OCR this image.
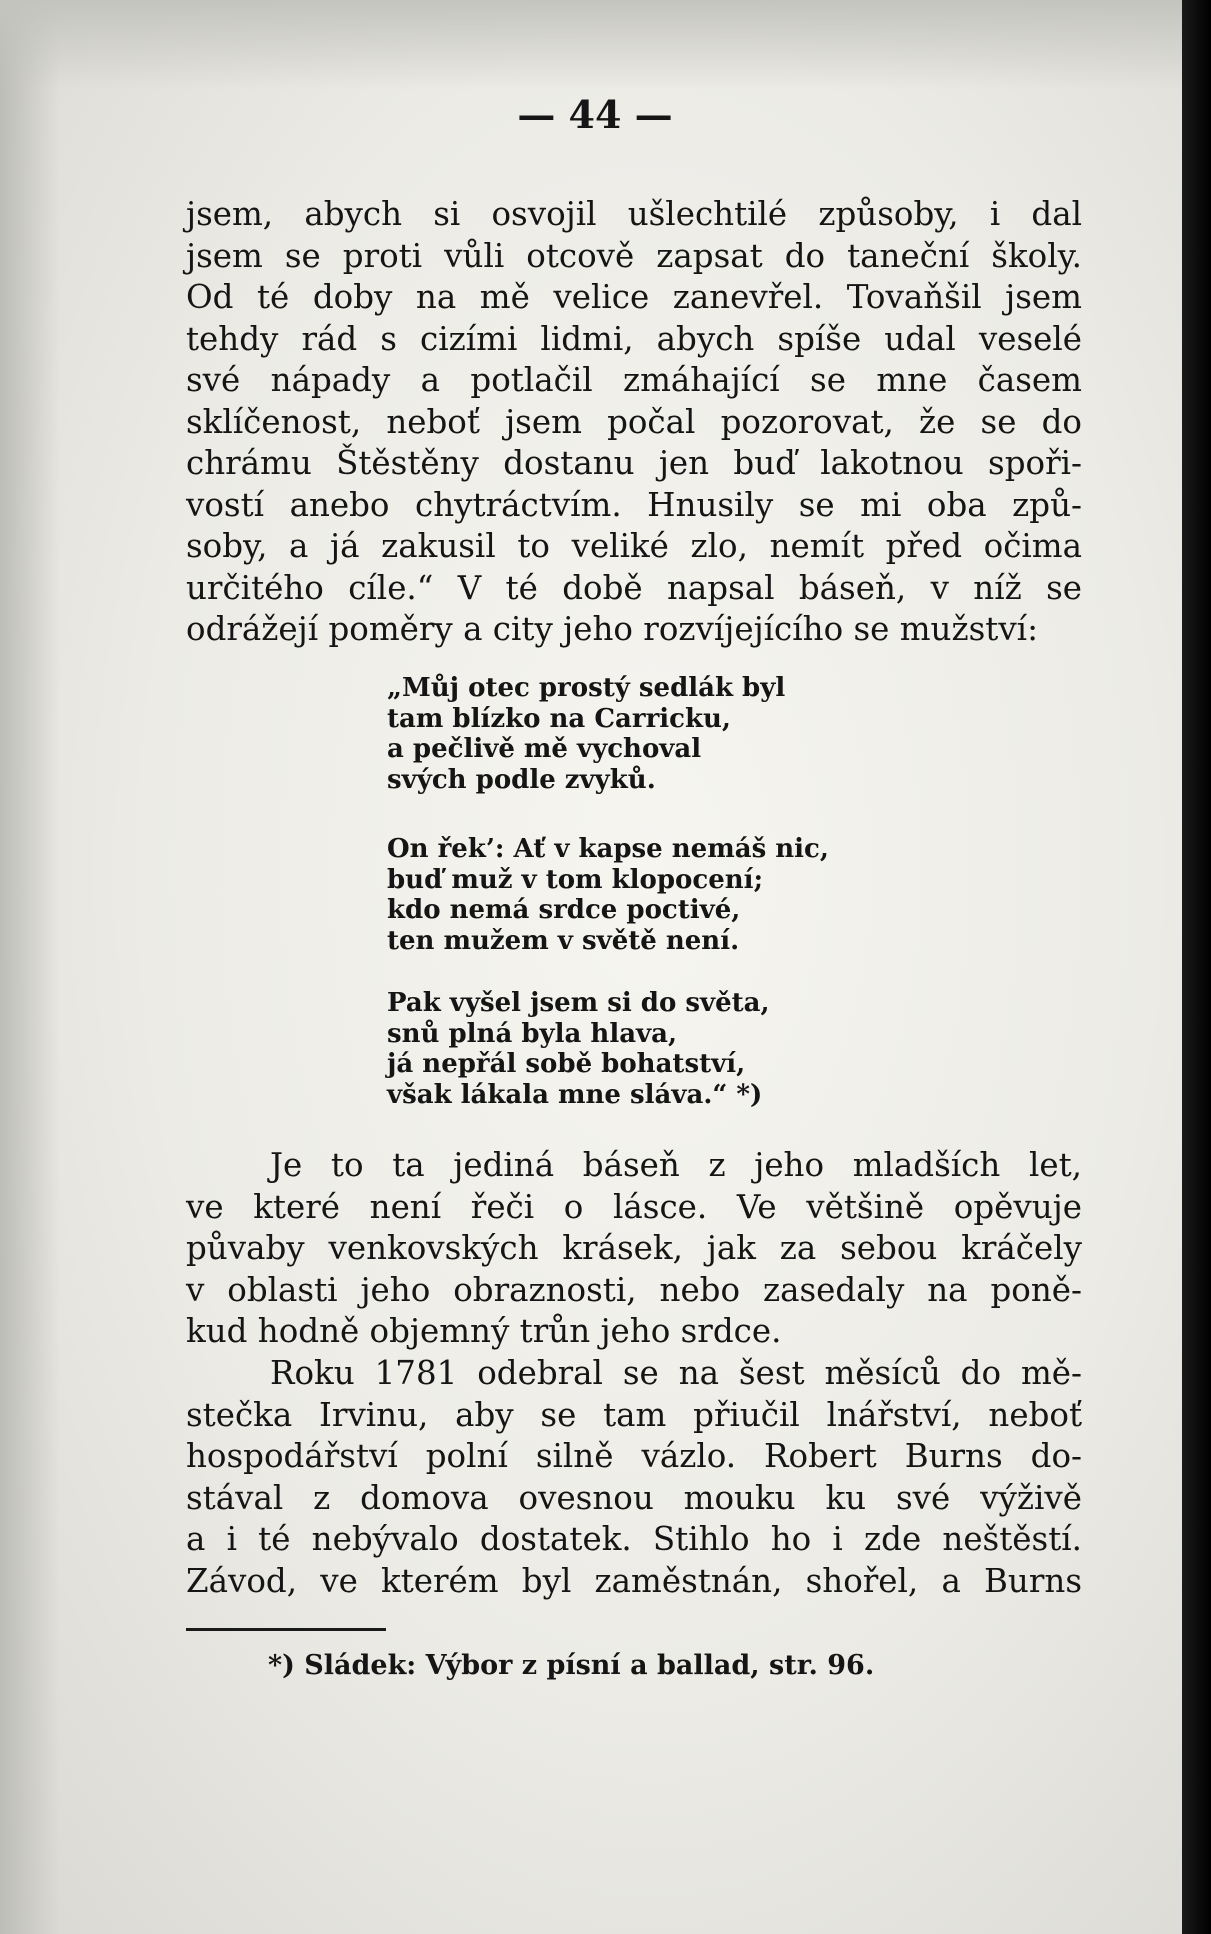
— 44 —
jsem, abych si osvojil ušlechtilé způsoby, i dal
jsem se proti vůli otcově zapsat do taneční školy.
Od té doby na mě velice zanevřel. Tovaňšil jsem
tehdy rád s cizími lidmi, abych spíše udal veselé
své nápady a potlačil zmáhající se mne časem
sklíčenost, neboť jsem počal pozorovat, že se do
chrámu Štěstěny dostanu jen buď lakotnou spoři-
vostí anebo chytráctvím. Hnusily se mi oba způ-
soby, a já zakusil to veliké zlo, nemít před očima
určitého cíle.“ V té době napsal báseň, v níž se
odrážejí poměry a city jeho rozvíjejícího se mužství:
„Můj otec prostý sedlák byl
tam blízko na Carricku,
a pečlivě mě vychoval
svých podle zvyků.
On řek’: Ať v kapse nemáš nic,
buď muž v tom klopocení;
kdo nemá srdce poctivé,
ten mužem v světě není.
Pak vyšel jsem si do světa,
snů plná byla hlava,
já nepřál sobě bohatství,
však lákala mne sláva.“ *)
Je to ta jediná báseň z jeho mladších let,
ve které není řeči o lásce. Ve většině opěvuje
půvaby venkovských krásek, jak za sebou kráčely
v oblasti jeho obraznosti, nebo zasedaly na poně-
kud hodně objemný trůn jeho srdce.
Roku 1781 odebral se na šest měsíců do mě-
stečka Irvinu, aby se tam přiučil lnářství, neboť
hospodářství polní silně vázlo. Robert Burns do-
stával z domova ovesnou mouku ku své výživě
a i té nebývalo dostatek. Stihlo ho i zde neštěstí.
Závod, ve kterém byl zaměstnán, shořel, a Burns
*) Sládek: Výbor z písní a ballad, str. 96.
